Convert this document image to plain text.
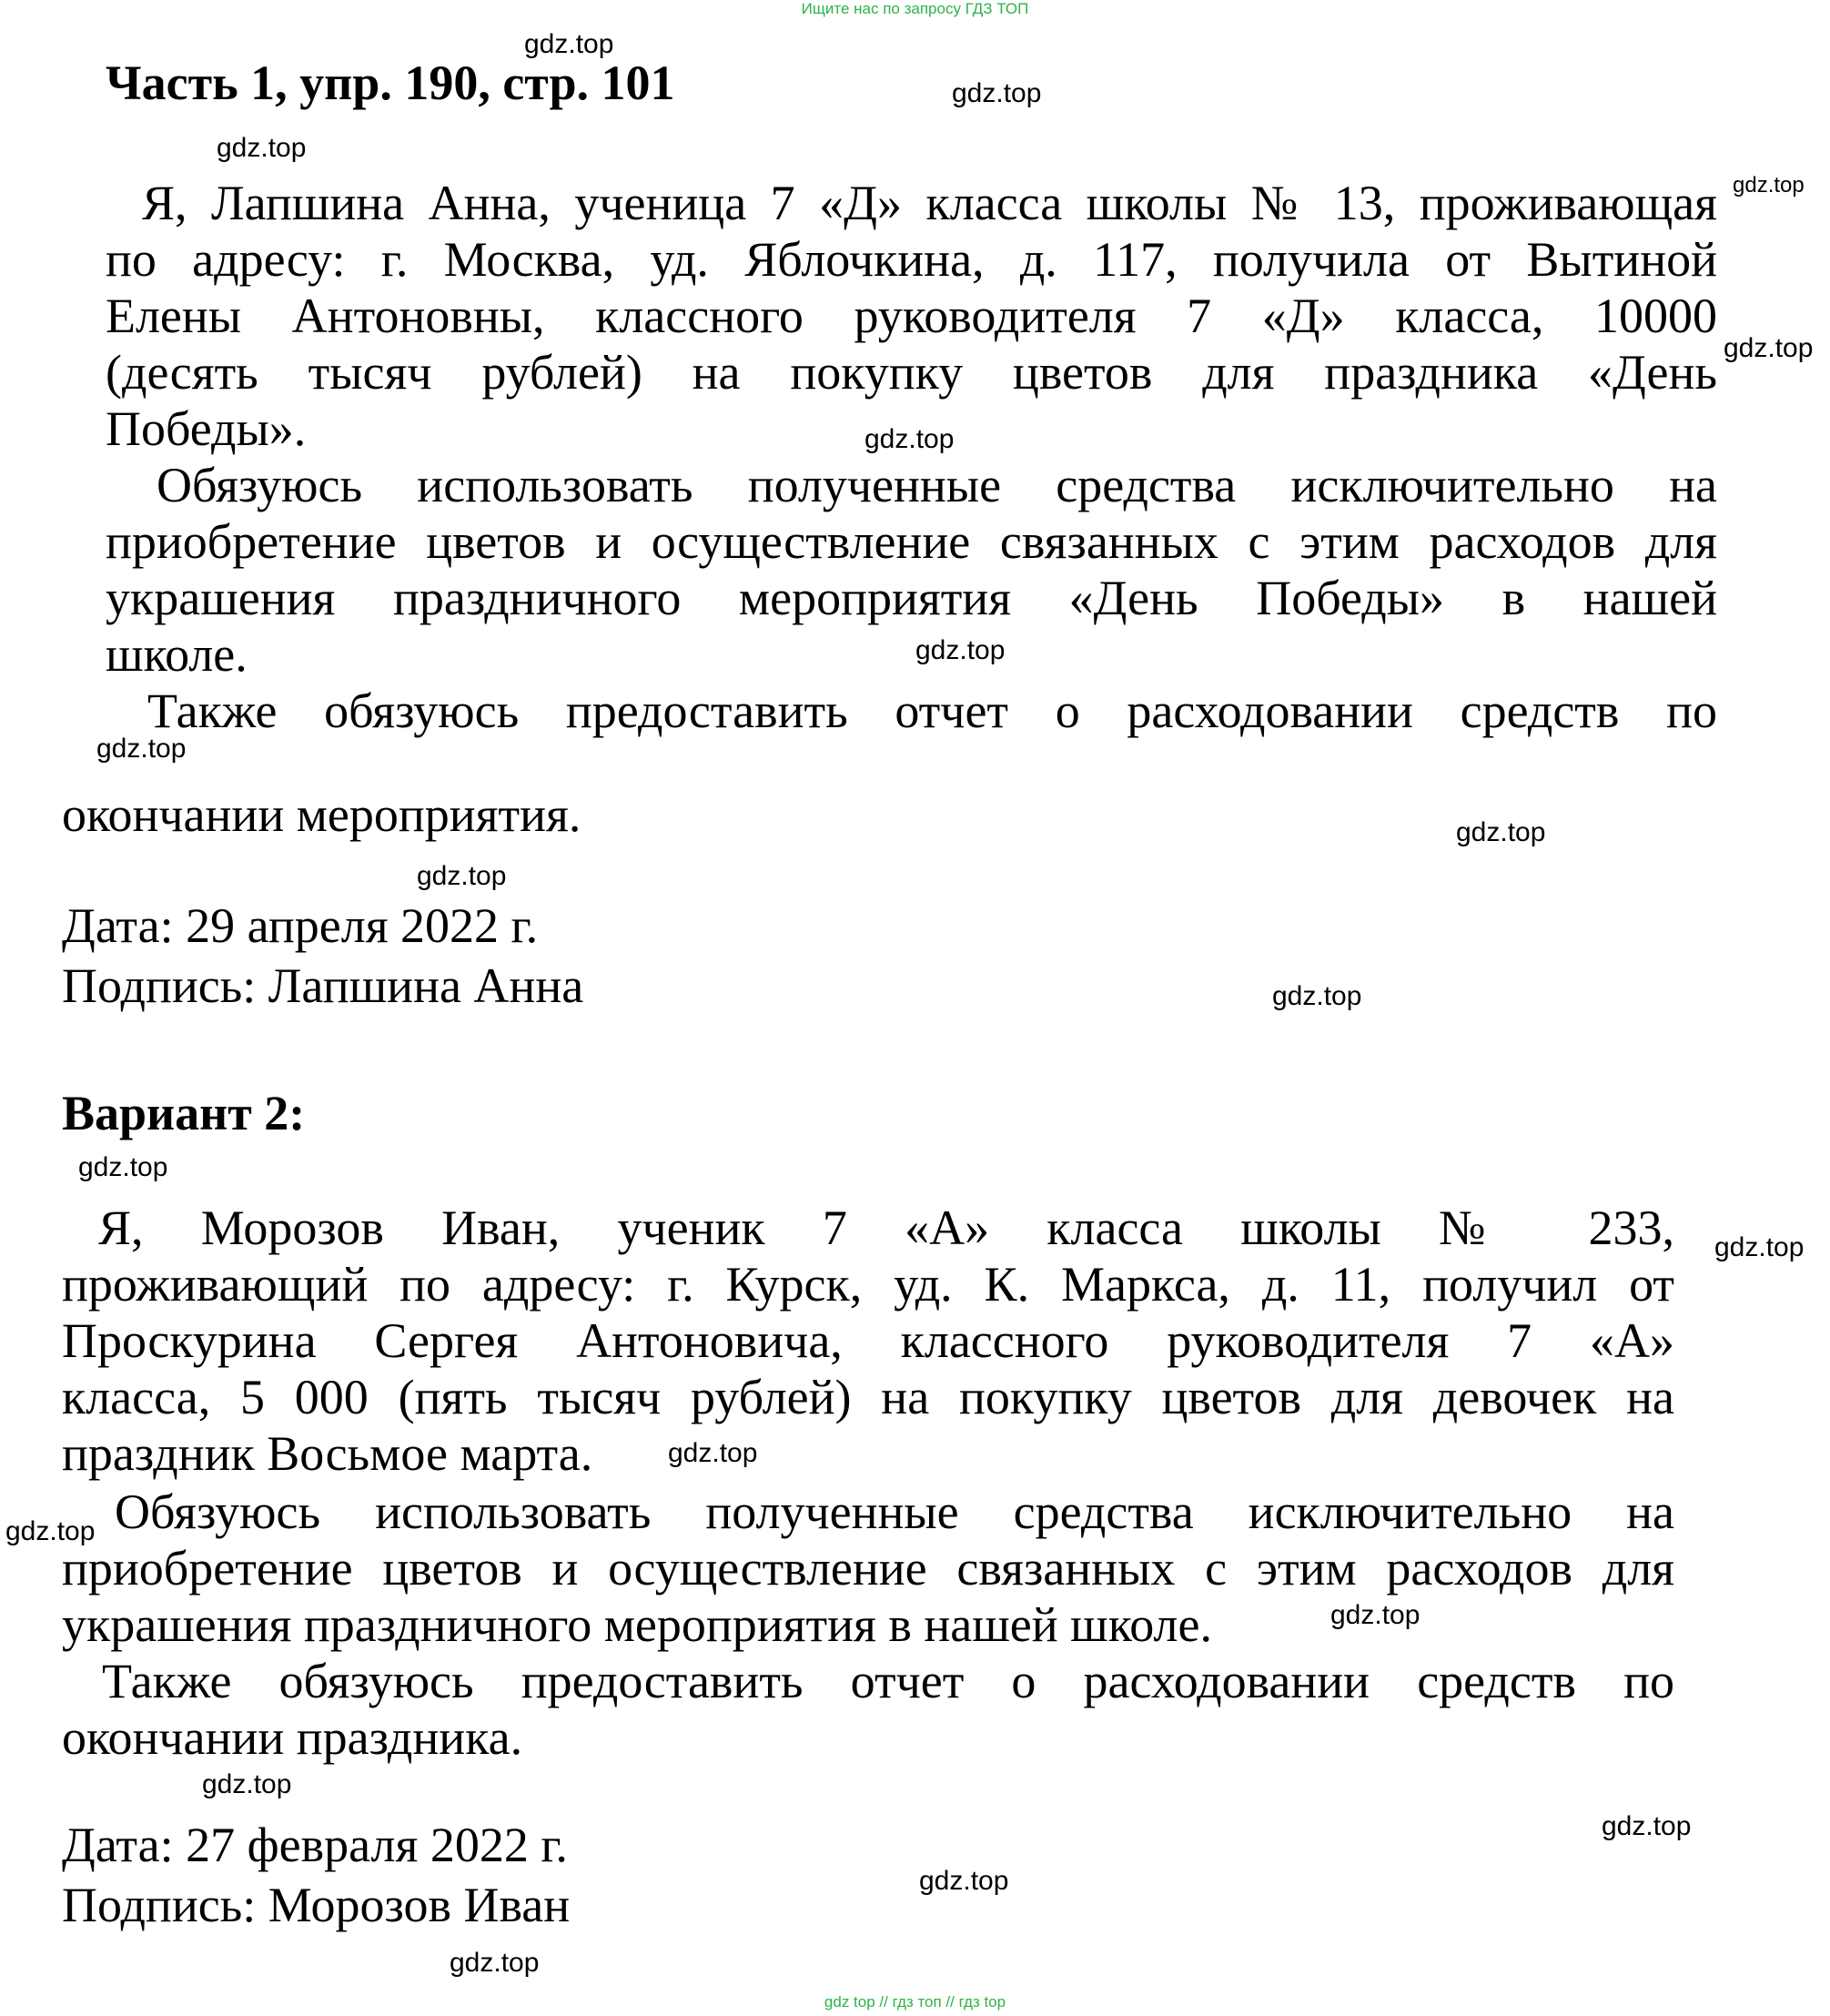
Ищите нас по запросу ГДЗ ТОП
gdz top // гдз топ // гдз top
Часть 1, упр. 190, стр. 101
Я, Лапшина Анна, ученица 7 «Д» класса школы № 13, проживающая
по адресу: г. Москва, уд. Яблочкина, д. 117, получила от Вытиной
Елены Антоновны, классного руководителя 7 «Д» класса, 10000
(десять тысяч рублей) на покупку цветов для праздника «День
Победы».
Обязуюсь использовать полученные средства исключительно на
приобретение цветов и осуществление связанных с этим расходов для
украшения праздничного мероприятия «День Победы» в нашей
школе.
Также обязуюсь предоставить отчет о расходовании средств по
окончании мероприятия.
Дата: 29 апреля 2022 г.
Подпись: Лапшина Анна
Вариант 2:
Я, Морозов Иван, ученик 7 «А» класса школы № 233,
проживающий по адресу: г. Курск, уд. К. Маркса, д. 11, получил от
Проскурина Сергея Антоновича, классного руководителя 7 «А»
класса, 5 000 (пять тысяч рублей) на покупку цветов для девочек на
праздник Восьмое марта.
Обязуюсь использовать полученные средства исключительно на
приобретение цветов и осуществление связанных с этим расходов для
украшения праздничного мероприятия в нашей школе.
Также обязуюсь предоставить отчет о расходовании средств по
окончании праздника.
Дата: 27 февраля 2022 г.
Подпись: Морозов Иван
gdz.top
gdz.top
gdz.top
gdz.top
gdz.top
gdz.top
gdz.top
gdz.top
gdz.top
gdz.top
gdz.top
gdz.top
gdz.top
gdz.top
gdz.top
gdz.top
gdz.top
gdz.top
gdz.top
gdz.top
